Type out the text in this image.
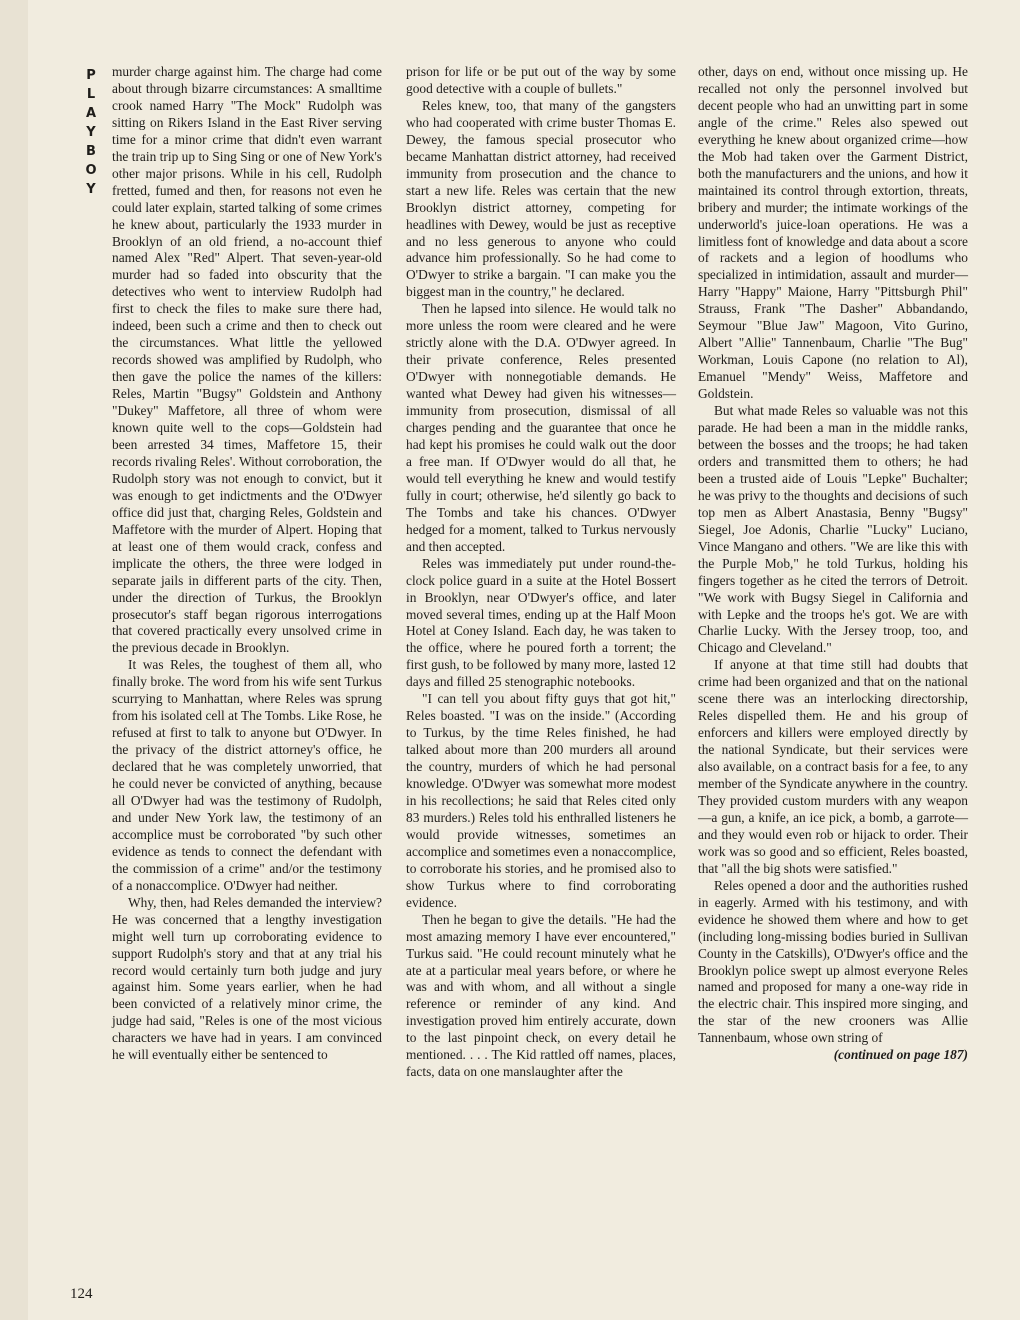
P
L
A
Y
B
O
Y

murder charge against him. The charge had come about through bizarre circumstances: A smalltime crook named Harry "The Mock" Rudolph was sitting on Rikers Island in the East River serving time for a minor crime that didn't even warrant the train trip up to Sing Sing or one of New York's other major prisons. While in his cell, Rudolph fretted, fumed and then, for reasons not even he could later explain, started talking of some crimes he knew about, particularly the 1933 murder in Brooklyn of an old friend, a no-account thief named Alex "Red" Alpert. That seven-year-old murder had so faded into obscurity that the detectives who went to interview Rudolph had first to check the files to make sure there had, indeed, been such a crime and then to check out the circumstances. What little the yellowed records showed was amplified by Rudolph, who then gave the police the names of the killers: Reles, Martin "Bugsy" Goldstein and Anthony "Dukey" Maffetore, all three of whom were known quite well to the cops—Goldstein had been arrested 34 times, Maffetore 15, their records rivaling Reles'. Without corroboration, the Rudolph story was not enough to convict, but it was enough to get indictments and the O'Dwyer office did just that, charging Reles, Goldstein and Maffetore with the murder of Alpert. Hoping that at least one of them would crack, confess and implicate the others, the three were lodged in separate jails in different parts of the city. Then, under the direction of Turkus, the Brooklyn prosecutor's staff began rigorous interrogations that covered practically every unsolved crime in the previous decade in Brooklyn.

It was Reles, the toughest of them all, who finally broke. The word from his wife sent Turkus scurrying to Manhattan, where Reles was sprung from his isolated cell at The Tombs. Like Rose, he refused at first to talk to anyone but O'Dwyer. In the privacy of the district attorney's office, he declared that he was completely unworried, that he could never be convicted of anything, because all O'Dwyer had was the testimony of Rudolph, and under New York law, the testimony of an accomplice must be corroborated "by such other evidence as tends to connect the defendant with the commission of a crime" and/or the testimony of a nonaccomplice. O'Dwyer had neither.

Why, then, had Reles demanded the interview? He was concerned that a lengthy investigation might well turn up corroborating evidence to support Rudolph's story and that at any trial his record would certainly turn both judge and jury against him. Some years earlier, when he had been convicted of a relatively minor crime, the judge had said, "Reles is one of the most vicious characters we have had in years. I am convinced he will eventually either be sentenced to

prison for life or be put out of the way by some good detective with a couple of bullets."

Reles knew, too, that many of the gangsters who had cooperated with crime buster Thomas E. Dewey, the famous special prosecutor who became Manhattan district attorney, had received immunity from prosecution and the chance to start a new life. Reles was certain that the new Brooklyn district attorney, competing for headlines with Dewey, would be just as receptive and no less generous to anyone who could advance him professionally. So he had come to O'Dwyer to strike a bargain. "I can make you the biggest man in the country," he declared.

Then he lapsed into silence. He would talk no more unless the room were cleared and he were strictly alone with the D.A. O'Dwyer agreed. In their private conference, Reles presented O'Dwyer with nonnegotiable demands. He wanted what Dewey had given his witnesses—immunity from prosecution, dismissal of all charges pending and the guarantee that once he had kept his promises he could walk out the door a free man. If O'Dwyer would do all that, he would tell everything he knew and would testify fully in court; otherwise, he'd silently go back to The Tombs and take his chances. O'Dwyer hedged for a moment, talked to Turkus nervously and then accepted.

Reles was immediately put under round-the-clock police guard in a suite at the Hotel Bossert in Brooklyn, near O'Dwyer's office, and later moved several times, ending up at the Half Moon Hotel at Coney Island. Each day, he was taken to the office, where he poured forth a torrent; the first gush, to be followed by many more, lasted 12 days and filled 25 stenographic notebooks.

"I can tell you about fifty guys that got hit," Reles boasted. "I was on the inside." (According to Turkus, by the time Reles finished, he had talked about more than 200 murders all around the country, murders of which he had personal knowledge. O'Dwyer was somewhat more modest in his recollections; he said that Reles cited only 83 murders.) Reles told his enthralled listeners he would provide witnesses, sometimes an accomplice and sometimes even a nonaccomplice, to corroborate his stories, and he promised also to show Turkus where to find corroborating evidence.

Then he began to give the details. "He had the most amazing memory I have ever encountered," Turkus said. "He could recount minutely what he ate at a particular meal years before, or where he was and with whom, and all without a single reference or reminder of any kind. And investigation proved him entirely accurate, down to the last pinpoint check, on every detail he mentioned. . . . The Kid rattled off names, places, facts, data on one manslaughter after the

other, days on end, without once missing up. He recalled not only the personnel involved but decent people who had an unwitting part in some angle of the crime." Reles also spewed out everything he knew about organized crime—how the Mob had taken over the Garment District, both the manufacturers and the unions, and how it maintained its control through extortion, threats, bribery and murder; the intimate workings of the underworld's juice-loan operations. He was a limitless font of knowledge and data about a score of rackets and a legion of hoodlums who specialized in intimidation, assault and murder—Harry "Happy" Maione, Harry "Pittsburgh Phil" Strauss, Frank "The Dasher" Abbandando, Seymour "Blue Jaw" Magoon, Vito Gurino, Albert "Allie" Tannenbaum, Charlie "The Bug" Workman, Louis Capone (no relation to Al), Emanuel "Mendy" Weiss, Maffetore and Goldstein.

But what made Reles so valuable was not this parade. He had been a man in the middle ranks, between the bosses and the troops; he had taken orders and transmitted them to others; he had been a trusted aide of Louis "Lepke" Buchalter; he was privy to the thoughts and decisions of such top men as Albert Anastasia, Benny "Bugsy" Siegel, Joe Adonis, Charlie "Lucky" Luciano, Vince Mangano and others. "We are like this with the Purple Mob," he told Turkus, holding his fingers together as he cited the terrors of Detroit. "We work with Bugsy Siegel in California and with Lepke and the troops he's got. We are with Charlie Lucky. With the Jersey troop, too, and Chicago and Cleveland."

If anyone at that time still had doubts that crime had been organized and that on the national scene there was an interlocking directorship, Reles dispelled them. He and his group of enforcers and killers were employed directly by the national Syndicate, but their services were also available, on a contract basis for a fee, to any member of the Syndicate anywhere in the country. They provided custom murders with any weapon—a gun, a knife, an ice pick, a bomb, a garrote—and they would even rob or hijack to order. Their work was so good and so efficient, Reles boasted, that "all the big shots were satisfied."

Reles opened a door and the authorities rushed in eagerly. Armed with his testimony, and with evidence he showed them where and how to get (including long-missing bodies buried in Sullivan County in the Catskills), O'Dwyer's office and the Brooklyn police swept up almost everyone Reles named and proposed for many a one-way ride in the electric chair. This inspired more singing, and the star of the new crooners was Allie Tannenbaum, whose own string of

(continued on page 187)
124
